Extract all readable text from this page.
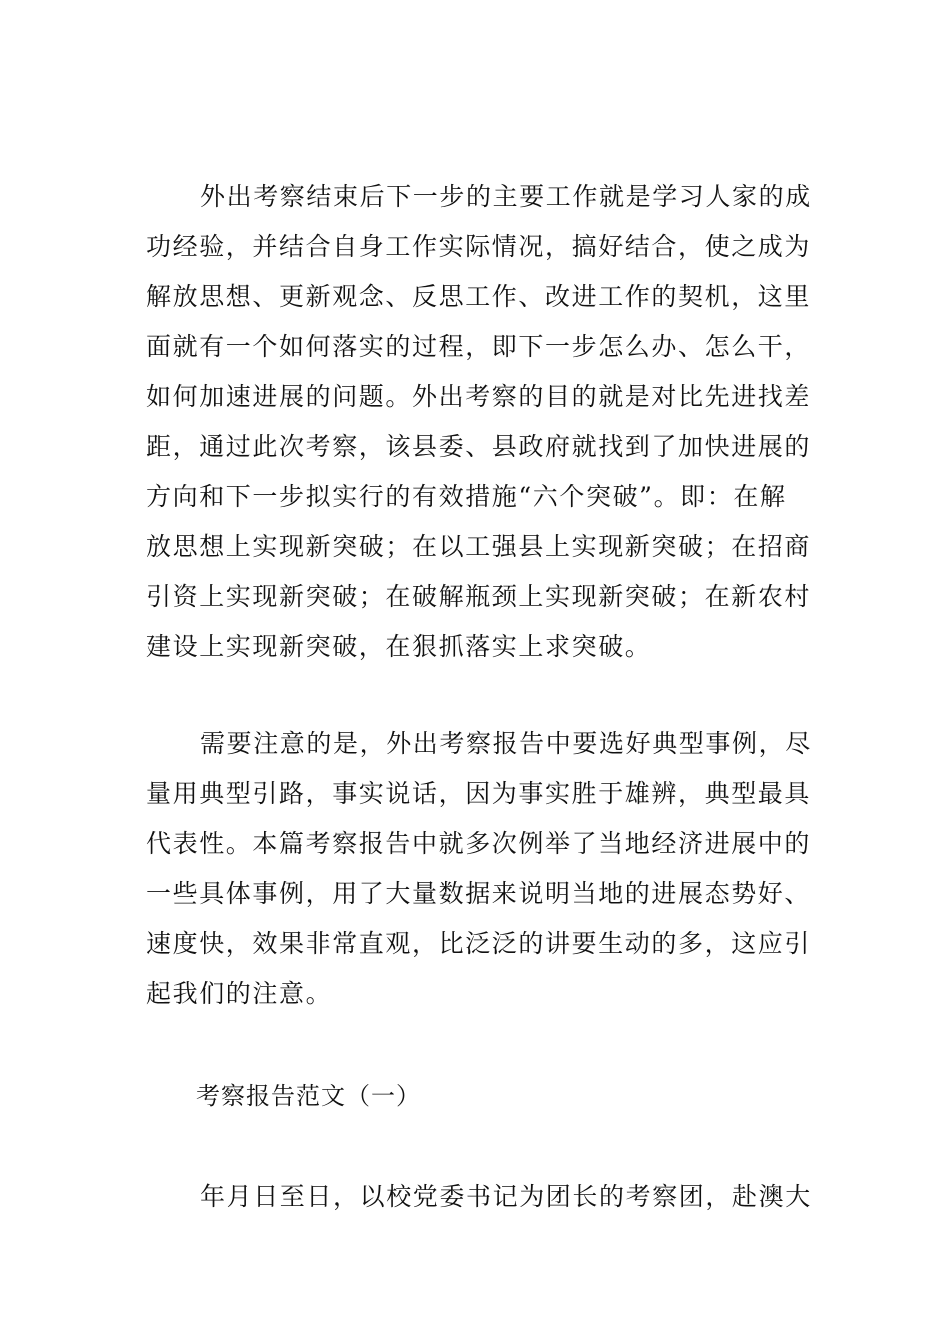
外出考察结束后下一步的主要工作就是学习人家的成
功经验，并结合自身工作实际情况，搞好结合，使之成为
解放思想、更新观念、反思工作、改进工作的契机，这里
面就有一个如何落实的过程，即下一步怎么办、怎么干，
如何加速进展的问题。外出考察的目的就是对比先进找差
距，通过此次考察，该县委、县政府就找到了加快进展的
方向和下一步拟实行的有效措施“六个突破”。即：在解
放思想上实现新突破；在以工强县上实现新突破；在招商
引资上实现新突破；在破解瓶颈上实现新突破；在新农村
建设上实现新突破，在狠抓落实上求突破。
需要注意的是，外出考察报告中要选好典型事例，尽
量用典型引路，事实说话，因为事实胜于雄辨，典型最具
代表性。本篇考察报告中就多次例举了当地经济进展中的
一些具体事例，用了大量数据来说明当地的进展态势好、
速度快，效果非常直观，比泛泛的讲要生动的多，这应引
起我们的注意。
考察报告范文（一）
年月日至日，以校党委书记为团长的考察团，赴澳大
